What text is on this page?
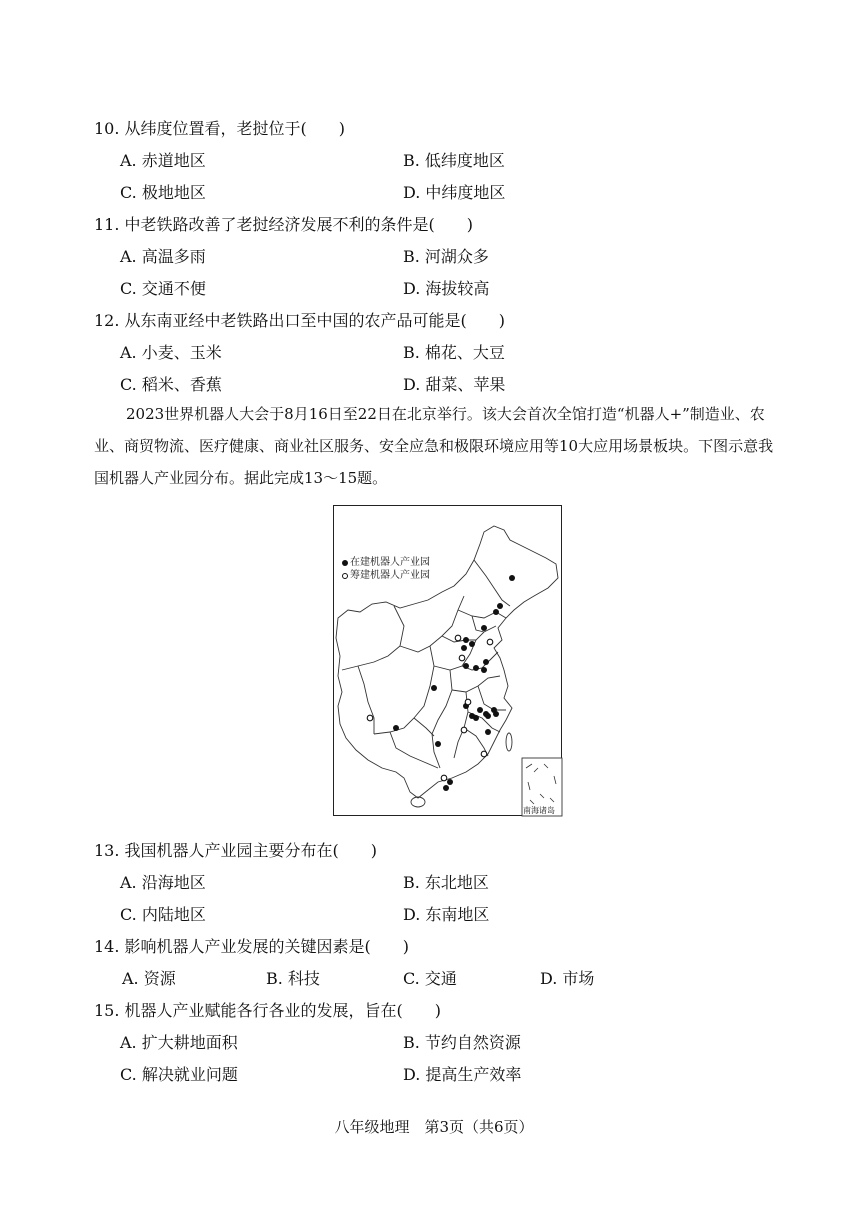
10. 从纬度位置看，老挝位于(　　)
A. 赤道地区	B. 低纬度地区
C. 极地地区	D. 中纬度地区
11. 中老铁路改善了老挝经济发展不利的条件是(　　)
A. 高温多雨	B. 河湖众多
C. 交通不便	D. 海拔较高
12. 从东南亚经中老铁路出口至中国的农产品可能是(　　)
A. 小麦、玉米	B. 棉花、大豆
C. 稻米、香蕉	D. 甜菜、苹果

2023世界机器人大会于8月16日至22日在北京举行。该大会首次全馆打造“机器人+”制造业、农业、商贸物流、医疗健康、商业社区服务、安全应急和极限环境应用等10大应用场景板块。下图示意我国机器人产业园分布。据此完成13～15题。

在建机器人产业园
筹建机器人产业园
南海诸岛
13. 我国机器人产业园主要分布在(　　)
A. 沿海地区	B. 东北地区
C. 内陆地区	D. 东南地区
14. 影响机器人产业发展的关键因素是(　　)
A. 资源	B. 科技	C. 交通	D. 市场
15. 机器人产业赋能各行各业的发展，旨在(　　)
A. 扩大耕地面积	B. 节约自然资源
C. 解决就业问题	D. 提高生产效率
八年级地理　第3页（共6页）
